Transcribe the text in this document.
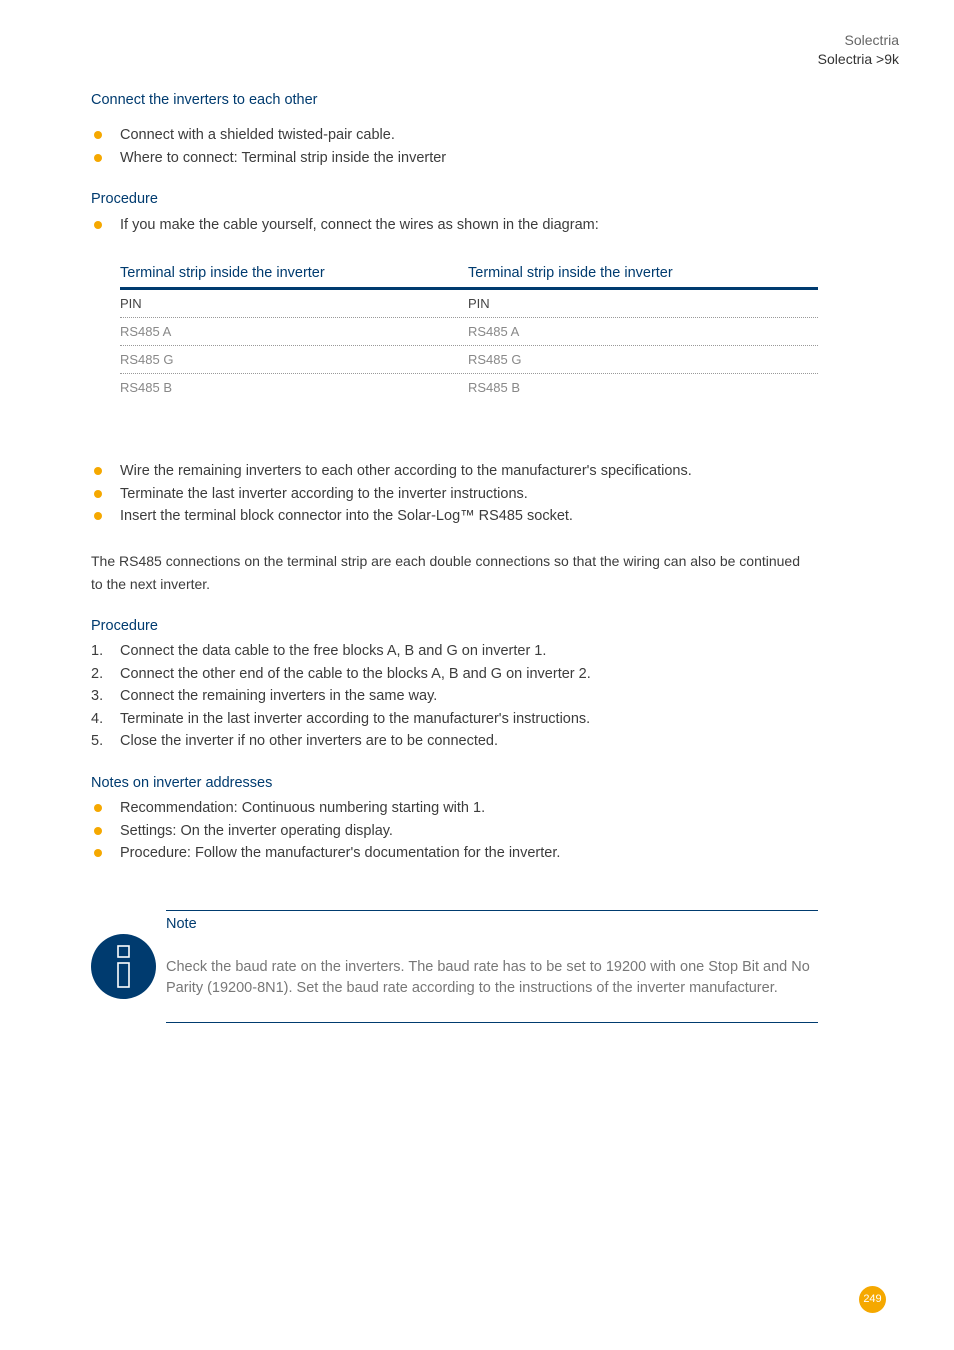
Solectria
Solectria >9k
Connect the inverters to each other
Connect with a shielded twisted-pair cable.
Where to connect: Terminal strip inside the inverter
Procedure
If you make the cable yourself, connect the wires as shown in the diagram:
Terminal strip inside the inverter	Terminal strip inside the inverter
PIN	PIN
RS485 A	RS485 A
RS485 G	RS485 G
RS485 B	RS485 B
Wire the remaining inverters to each other according to the manufacturer's specifications.
Terminate the last inverter according to the inverter instructions.
Insert the terminal block connector into the Solar-Log™ RS485 socket.
The RS485 connections on the terminal strip are each double connections so that the wiring can also be continued to the next inverter.
Procedure
1.	Connect the data cable to the free blocks A, B and G on inverter 1.
2.	Connect the other end of the cable to the blocks A, B and G on inverter 2.
3.	Connect the remaining inverters in the same way.
4.	Terminate in the last inverter according to the manufacturer's instructions.
5.	Close the inverter if no other inverters are to be connected.
Notes on inverter addresses
Recommendation: Continuous numbering starting with 1.
Settings: On the inverter operating display.
Procedure: Follow the manufacturer's documentation for the inverter.
Note
Check the baud rate on the inverters. The baud rate has to be set to 19200 with one Stop Bit and No Parity (19200-8N1). Set the baud rate according to the instructions of the inverter manufacturer.
249
